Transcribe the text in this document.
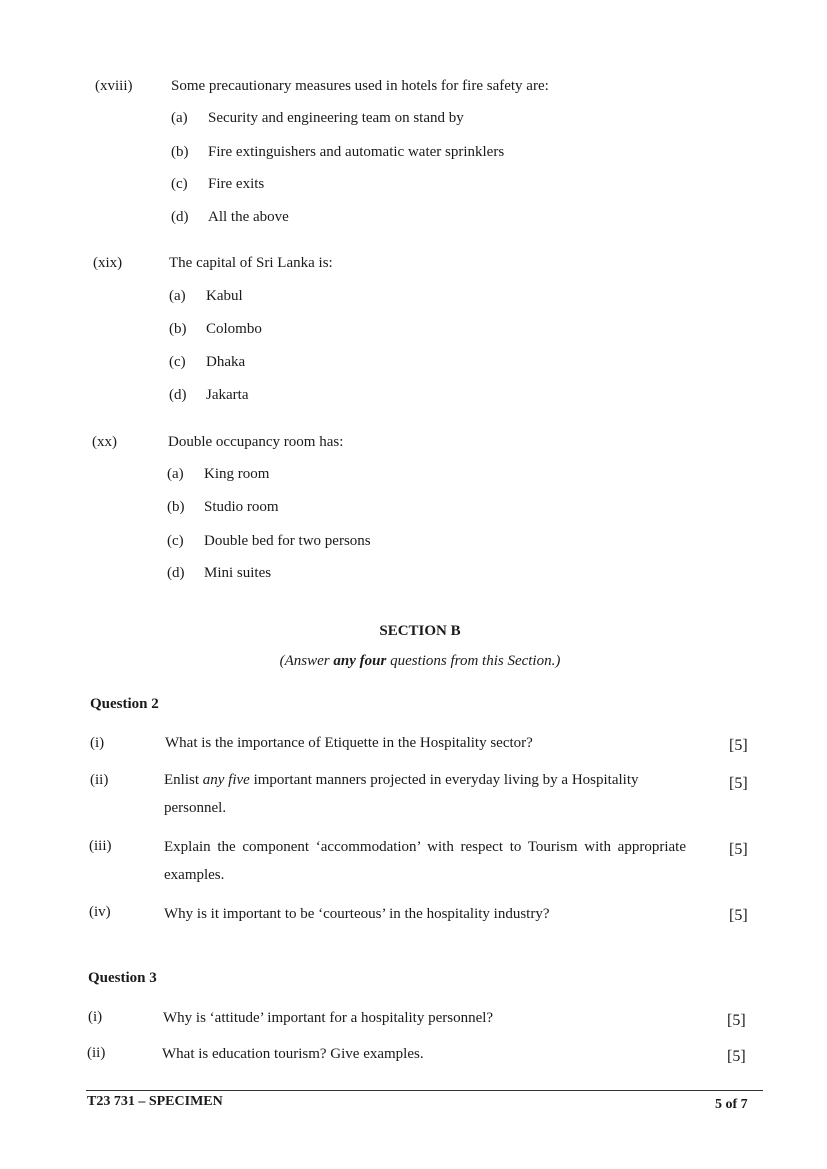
(xviii)	Some precautionary measures used in hotels for fire safety are:
(a) Security and engineering team on stand by
(b) Fire extinguishers and automatic water sprinklers
(c) Fire exits
(d) All the above
(xix)	The capital of Sri Lanka is:
(a) Kabul
(b) Colombo
(c) Dhaka
(d) Jakarta
(xx)	Double occupancy room has:
(a) King room
(b) Studio room
(c) Double bed for two persons
(d) Mini suites
SECTION B
(Answer any four questions from this Section.)
Question 2
(i)	What is the importance of Etiquette in the Hospitality sector?	[5]
(ii)	Enlist any five important manners projected in everyday living by a Hospitality personnel.
[5]
(iii)	Explain the component ‘accommodation’ with respect to Tourism with appropriate examples.
[5]
(iv)	Why is it important to be ‘courteous’ in the hospitality industry?	[5]
Question 3
(i)	Why is ‘attitude’ important for a hospitality personnel?	[5]
(ii)	What is education tourism? Give examples.	[5]
T23 731 – SPECIMEN	5 of 7
